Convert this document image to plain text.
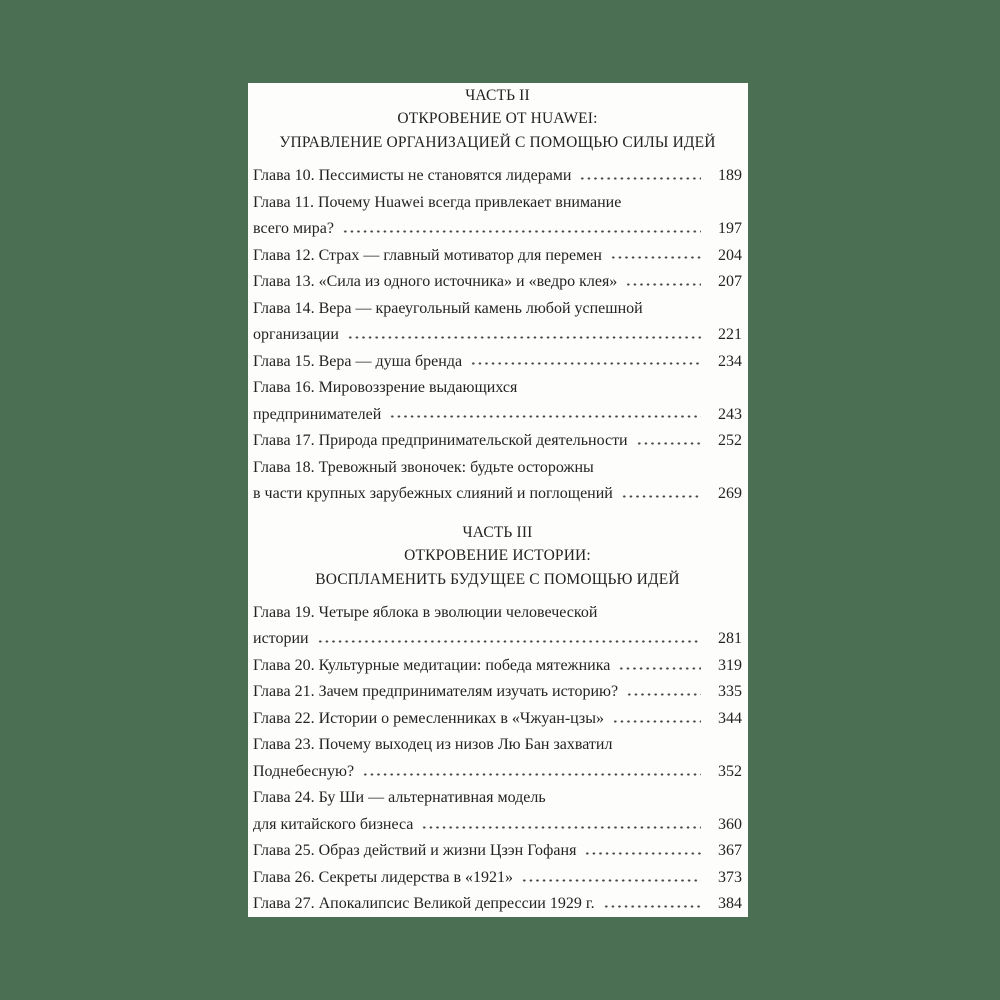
ЧАСТЬ II
ОТКРОВЕНИЕ ОТ HUAWEI:
УПРАВЛЕНИЕ ОРГАНИЗАЦИЕЙ С ПОМОЩЬЮ СИЛЫ ИДЕЙ
Глава 10. Пессимисты не становятся лидерами	189
Глава 11. Почему Huawei всегда привлекает внимание
всего мира?	197
Глава 12. Страх — главный мотиватор для перемен	204
Глава 13. «Сила из одного источника» и «ведро клея»	207
Глава 14. Вера — краеугольный камень любой успешной
организации	221
Глава 15. Вера — душа бренда	234
Глава 16. Мировоззрение выдающихся
предпринимателей	243
Глава 17. Природа предпринимательской деятельности	252
Глава 18. Тревожный звоночек: будьте осторожны
в части крупных зарубежных слияний и поглощений	269
ЧАСТЬ III
ОТКРОВЕНИЕ ИСТОРИИ:
ВОСПЛАМЕНИТЬ БУДУЩЕЕ С ПОМОЩЬЮ ИДЕЙ
Глава 19. Четыре яблока в эволюции человеческой
истории	281
Глава 20. Культурные медитации: победа мятежника	319
Глава 21. Зачем предпринимателям изучать историю?	335
Глава 22. Истории о ремесленниках в «Чжуан-цзы»	344
Глава 23. Почему выходец из низов Лю Бан захватил
Поднебесную?	352
Глава 24. Бу Ши — альтернативная модель
для китайского бизнеса	360
Глава 25. Образ действий и жизни Цзэн Гофаня	367
Глава 26. Секреты лидерства в «1921»	373
Глава 27. Апокалипсис Великой депрессии 1929 г.	384
